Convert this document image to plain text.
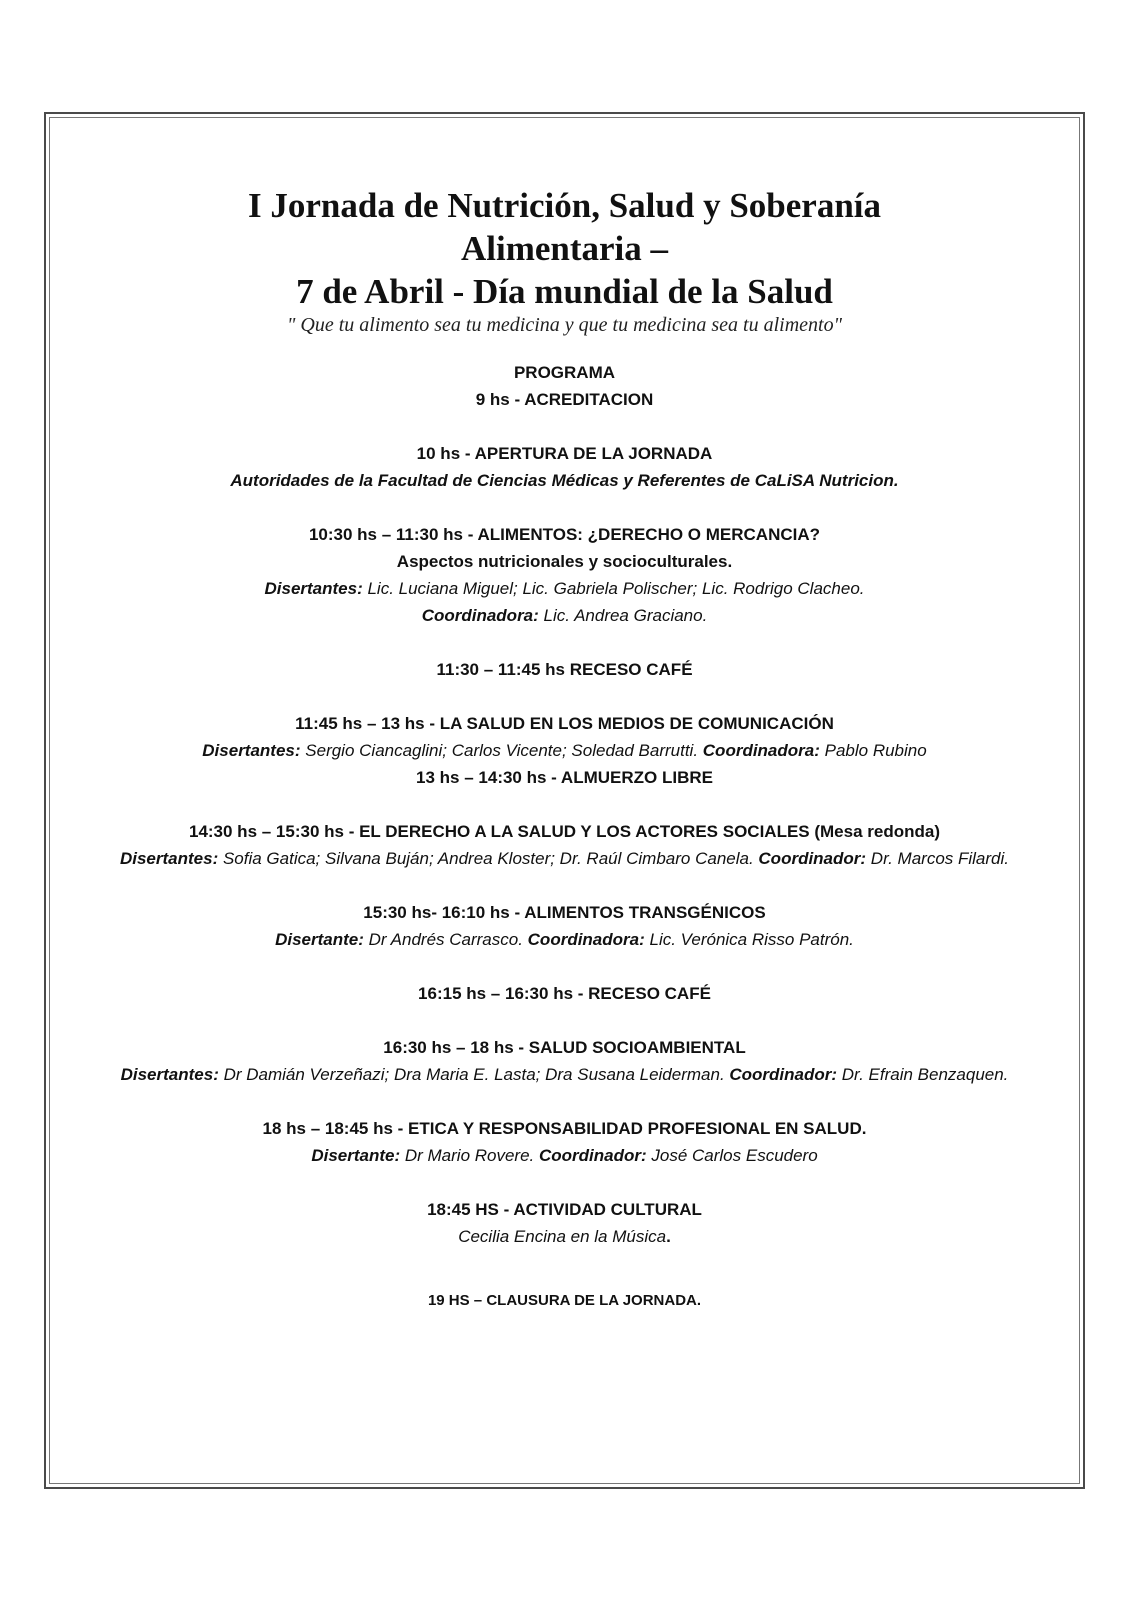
I Jornada de Nutrición, Salud y Soberanía

Alimentaria –

7 de Abril - Día mundial de la Salud

" Que tu alimento sea tu medicina y que tu medicina sea tu alimento"

PROGRAMA

9 hs - ACREDITACION

10 hs - APERTURA DE LA JORNADA

Autoridades de la Facultad de Ciencias Médicas y Referentes de CaLiSA Nutricion.

10:30 hs – 11:30 hs - ALIMENTOS: ¿DERECHO O MERCANCIA?

Aspectos nutricionales y socioculturales.

Disertantes: Lic. Luciana Miguel; Lic. Gabriela Polischer; Lic. Rodrigo Clacheo.

Coordinadora: Lic. Andrea Graciano.

11:30 – 11:45 hs RECESO CAFÉ

11:45 hs – 13 hs - LA SALUD EN LOS MEDIOS DE COMUNICACIÓN

Disertantes: Sergio Ciancaglini; Carlos Vicente; Soledad Barrutti. Coordinadora: Pablo Rubino

13 hs – 14:30 hs - ALMUERZO LIBRE

14:30 hs – 15:30 hs - EL DERECHO A LA SALUD Y LOS ACTORES SOCIALES (Mesa redonda)

Disertantes: Sofia Gatica; Silvana Buján; Andrea Kloster; Dr. Raúl Cimbaro Canela. Coordinador: Dr. Marcos Filardi.

15:30 hs- 16:10 hs - ALIMENTOS TRANSGÉNICOS

Disertante: Dr Andrés Carrasco. Coordinadora: Lic. Verónica Risso Patrón.

16:15 hs – 16:30 hs - RECESO CAFÉ

16:30 hs – 18 hs - SALUD SOCIOAMBIENTAL

Disertantes: Dr Damián Verzeñazi; Dra Maria E. Lasta; Dra Susana Leiderman. Coordinador: Dr. Efrain Benzaquen.

18 hs – 18:45 hs - ETICA Y RESPONSABILIDAD PROFESIONAL EN SALUD.

Disertante: Dr Mario Rovere. Coordinador: José Carlos Escudero

18:45 HS - ACTIVIDAD CULTURAL

Cecilia Encina en la Música.

19 HS – CLAUSURA DE LA JORNADA.
